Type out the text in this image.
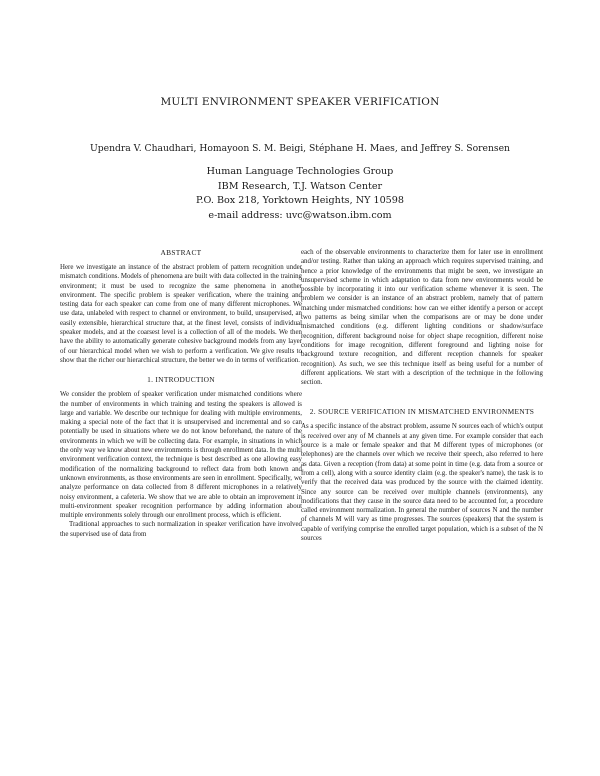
MULTI ENVIRONMENT SPEAKER VERIFICATION
Upendra V. Chaudhari, Homayoon S. M. Beigi, Stéphane H. Maes, and Jeffrey S. Sorensen
Human Language Technologies Group
IBM Research, T.J. Watson Center
P.O. Box 218, Yorktown Heights, NY 10598
e-mail address: uvc@watson.ibm.com
ABSTRACT

Here we investigate an instance of the abstract problem of pattern recognition under mismatch conditions. Models of phenomena are built with data collected in the training environment; it must be used to recognize the same phenomena in another environment. The specific problem is speaker verification, where the training and testing data for each speaker can come from one of many different microphones. We use data, unlabeled with respect to channel or environment, to build, unsupervised, an easily extensible, hierarchical structure that, at the finest level, consists of individual speaker models, and at the coarsest level is a collection of all of the models. We then have the ability to automatically generate cohesive background models from any layer of our hierarchical model when we wish to perform a verification. We give results to show that the richer our hierarchical structure, the better we do in terms of verification.

1. INTRODUCTION

We consider the problem of speaker verification under mismatched conditions where the number of environments in which training and testing the speakers is allowed is large and variable. We describe our technique for dealing with multiple environments, making a special note of the fact that it is unsupervised and incremental and so can potentially be used in situations where we do not know beforehand, the nature of the environments in which we will be collecting data. For example, in situations in which the only way we know about new environments is through enrollment data. In the multi environment verification context, the technique is best described as one allowing easy modification of the normalizing background to reflect data from both known and unknown environments, as those environments are seen in enrollment. Specifically, we analyze performance on data collected from 8 different microphones in a relatively noisy environment, a cafeteria. We show that we are able to obtain an improvement in multi-environment speaker recognition performance by adding information about multiple environments solely through our enrollment process, which is efficient.

Traditional approaches to such normalization in speaker verification have involved the supervised use of data from

each of the observable environments to characterize them for later use in enrollment and/or testing. Rather than taking an approach which requires supervised training, and hence a prior knowledge of the environments that might be seen, we investigate an unsupervised scheme in which adaptation to data from new environments would be possible by incorporating it into our verification scheme whenever it is seen. The problem we consider is an instance of an abstract problem, namely that of pattern matching under mismatched conditions: how can we either identify a person or accept two patterns as being similar when the comparisons are or may be done under mismatched conditions (e.g. different lighting conditions or shadow/surface recognition, different background noise for object shape recognition, different noise conditions for image recognition, different foreground and lighting noise for background texture recognition, and different reception channels for speaker recognition). As such, we see this technique itself as being useful for a number of different applications. We start with a description of the technique in the following section.

2. SOURCE VERIFICATION IN MISMATCHED ENVIRONMENTS

As a specific instance of the abstract problem, assume N sources each of which's output is received over any of M channels at any given time. For example consider that each source is a male or female speaker and that M different types of microphones (or telephones) are the channels over which we receive their speech, also referred to here as data. Given a reception (from data) at some point in time (e.g. data from a source or from a cell), along with a source identity claim (e.g. the speaker's name), the task is to verify that the received data was produced by the source with the claimed identity. Since any source can be received over multiple channels (environments), any modifications that they cause in the source data need to be accounted for, a procedure called environment normalization. In general the number of sources N and the number of channels M will vary as time progresses. The sources (speakers) that the system is capable of verifying comprise the enrolled target population, which is a subset of the N sources
